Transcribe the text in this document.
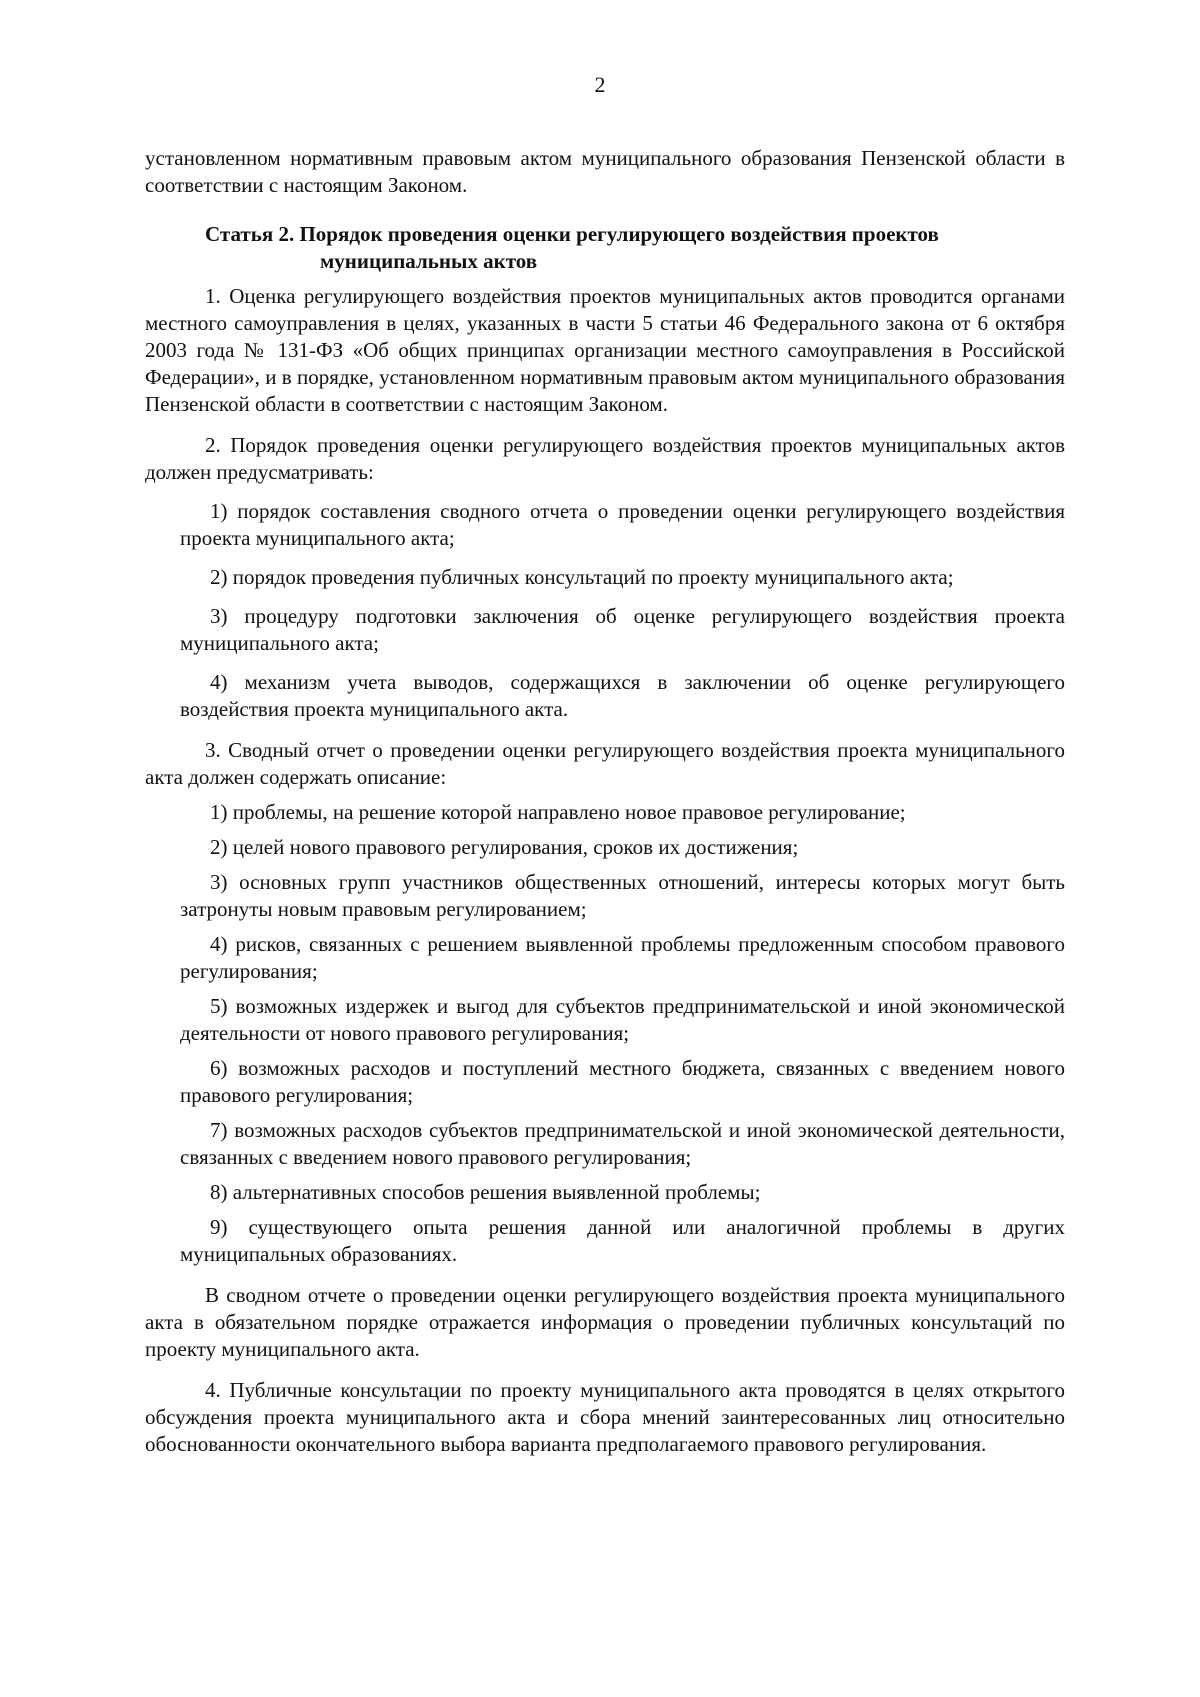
2

установленном нормативным правовым актом муниципального образования Пензенской области в соответствии с настоящим Законом.

Статья 2. Порядок проведения оценки регулирующего воздействия проектов
муниципальных актов

1. Оценка регулирующего воздействия проектов муниципальных актов проводится органами местного самоуправления в целях, указанных в части 5 статьи 46 Федерального закона от 6 октября 2003 года № 131-ФЗ «Об общих принципах организации местного самоуправления в Российской Федерации», и в порядке, установленном нормативным правовым актом муниципального образования Пензенской области в соответствии с настоящим Законом.

2. Порядок проведения оценки регулирующего воздействия проектов муниципальных актов должен предусматривать:

1) порядок составления сводного отчета о проведении оценки регулирующего воздействия проекта муниципального акта;

2) порядок проведения публичных консультаций по проекту муниципального акта;

3) процедуру подготовки заключения об оценке регулирующего воздействия проекта муниципального акта;

4) механизм учета выводов, содержащихся в заключении об оценке регулирующего воздействия проекта муниципального акта.

3. Сводный отчет о проведении оценки регулирующего воздействия проекта муниципального акта должен содержать описание:

1) проблемы, на решение которой направлено новое правовое регулирование;

2) целей нового правового регулирования, сроков их достижения;

3) основных групп участников общественных отношений, интересы которых могут быть затронуты новым правовым регулированием;

4) рисков, связанных с решением выявленной проблемы предложенным способом правового регулирования;

5) возможных издержек и выгод для субъектов предпринимательской и иной экономической деятельности от нового правового регулирования;

6) возможных расходов и поступлений местного бюджета, связанных с введением нового правового регулирования;

7) возможных расходов субъектов предпринимательской и иной экономической деятельности, связанных с введением нового правового регулирования;

8) альтернативных способов решения выявленной проблемы;

9) существующего опыта решения данной или аналогичной проблемы в других муниципальных образованиях.

В сводном отчете о проведении оценки регулирующего воздействия проекта муниципального акта в обязательном порядке отражается информация о проведении публичных консультаций по проекту муниципального акта.

4. Публичные консультации по проекту муниципального акта проводятся в целях открытого обсуждения проекта муниципального акта и сбора мнений заинтересованных лиц относительно обоснованности окончательного выбора варианта предполагаемого правового регулирования.
